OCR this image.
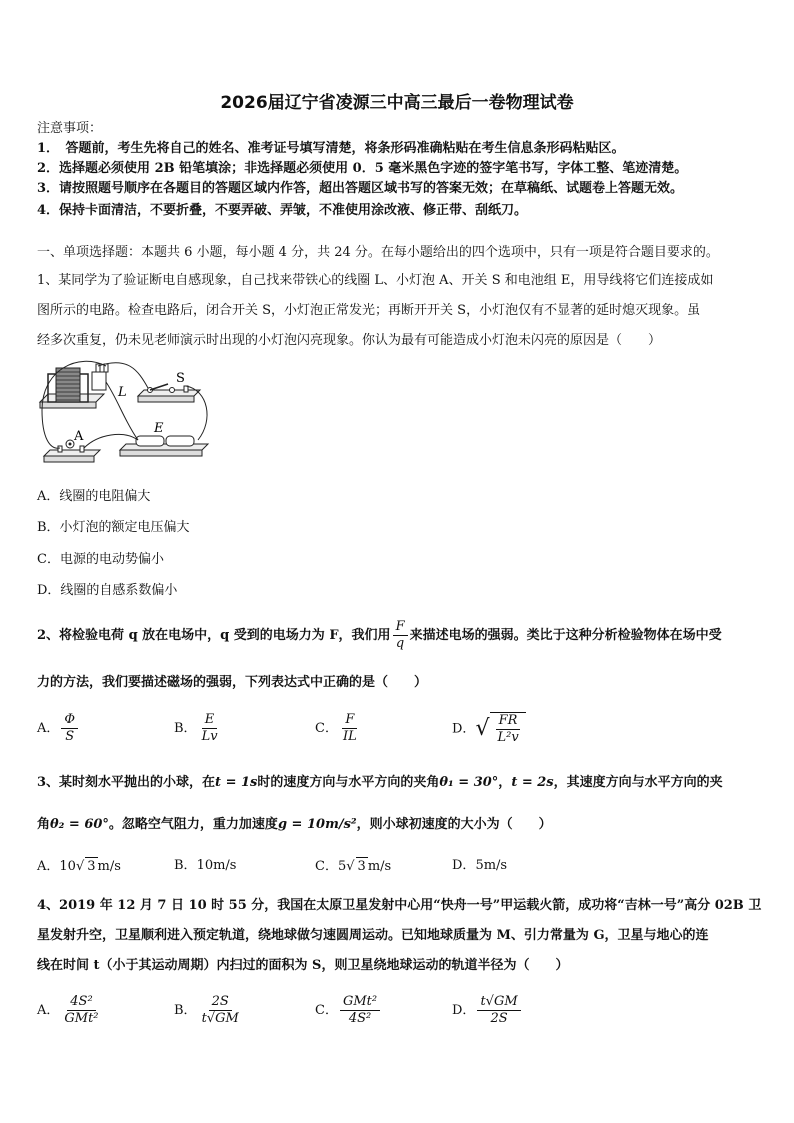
2026届辽宁省凌源三中高三最后一卷物理试卷
注意事项：
1．　答题前，考生先将自己的姓名、准考证号填写清楚，将条形码准确粘贴在考生信息条形码粘贴区。
2．选择题必须使用 2B 铅笔填涂；非选择题必须使用 0．5 毫米黑色字迹的签字笔书写，字体工整、笔迹清楚。
3．请按照题号顺序在各题目的答题区域内作答，超出答题区域书写的答案无效；在草稿纸、试题卷上答题无效。
4．保持卡面清洁，不要折叠，不要弄破、弄皱，不准使用涂改液、修正带、刮纸刀。
一、单项选择题：本题共 6 小题，每小题 4 分，共 24 分。在每小题给出的四个选项中，只有一项是符合题目要求的。
1、某同学为了验证断电自感现象，自己找来带铁心的线圈 L、小灯泡 A、开关 S 和电池组 E，用导线将它们连接成如
图所示的电路。检查电路后，闭合开关 S，小灯泡正常发光；再断开开关 S，小灯泡仅有不显著的延时熄灭现象。虽
经多次重复，仍未见老师演示时出现的小灯泡闪亮现象。你认为最有可能造成小灯泡未闪亮的原因是（　　）
L
S
E
A
A．线圈的电阻偏大
B．小灯泡的额定电压偏大
C．电源的电动势偏小
D．线圈的自感系数偏小
2、将检验电荷 q 放在电场中，q 受到的电场力为 F，我们用 $\frac{F}{q}$ 来描述电场的强弱。类比于这种分析检验物体在场中受
力的方法，我们要描述磁场的强弱，下列表达式中正确的是（　　）
A． $\frac{\Phi}{S}$	B． $\frac{E}{Lv}$	C． $\frac{F}{IL}$	D．√ $\frac{FR}{\text{L²v}}$
3、某时刻水平抛出的小球，在t = 1s时的速度方向与水平方向的夹角θ₁ = 30°，t = 2s，其速度方向与水平方向的夹
角θ₂ = 60°。忽略空气阻力，重力加速度g = 10m/s²，则小球初速度的大小为（　　）
A．10√ 3 m/s	B．10m/s	C．5√ 3 m/s	D．5m/s
4、2019 年 12 月 7 日 10 时 55 分，我国在太原卫星发射中心用“快舟一号”甲运载火箭，成功将“吉林一号”高分 02B 卫
星发射升空，卫星顺利进入预定轨道，绕地球做匀速圆周运动。已知地球质量为 M、引力常量为 G，卫星与地心的连
线在时间 t（小于其运动周期）内扫过的面积为 S，则卫星绕地球运动的轨道半径为（　　）
A． $\frac{\text{4S²}}{\text{GMt²}}$	B． $\frac{2S}{t√GM}$	C． $\frac{\text{GMt²}}{\text{4S²}}$	D． $\frac{t√GM}{2S}$
